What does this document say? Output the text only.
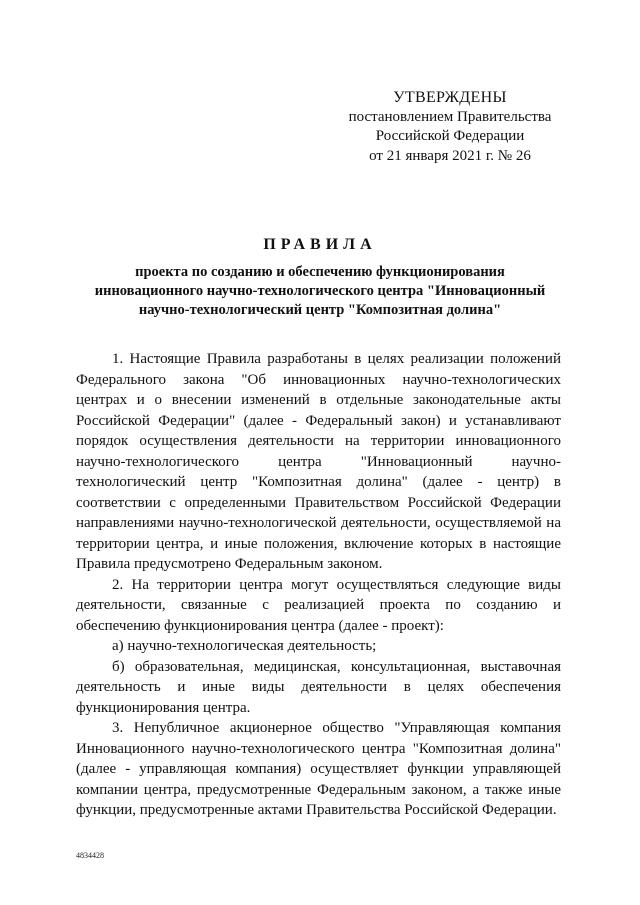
УТВЕРЖДЕНЫ
постановлением Правительства
Российской Федерации
от 21 января 2021 г. № 26
ПРАВИЛА
проекта по созданию и обеспечению функционирования
инновационного научно-технологического центра "Инновационный
научно-технологический центр "Композитная долина"

1. Настоящие Правила разработаны в целях реализации положений Федерального закона "Об инновационных научно-технологических центрах и о внесении изменений в отдельные законодательные акты Российской Федерации" (далее - Федеральный закон) и устанавливают порядок осуществления деятельности на территории инновационного научно-технологического центра "Инновационный научно-технологический центр "Композитная долина" (далее - центр) в соответствии с определенными Правительством Российской Федерации направлениями научно-технологической деятельности, осуществляемой на территории центра, и иные положения, включение которых в настоящие Правила предусмотрено Федеральным законом.

2. На территории центра могут осуществляться следующие виды деятельности, связанные с реализацией проекта по созданию и обеспечению функционирования центра (далее - проект):

а) научно-технологическая деятельность;

б) образовательная, медицинская, консультационная, выставочная деятельность и иные виды деятельности в целях обеспечения функционирования центра.

3. Непубличное акционерное общество "Управляющая компания Инновационного научно-технологического центра "Композитная долина" (далее - управляющая компания) осуществляет функции управляющей компании центра, предусмотренные Федеральным законом, а также иные функции, предусмотренные актами Правительства Российской Федерации.

4834428
